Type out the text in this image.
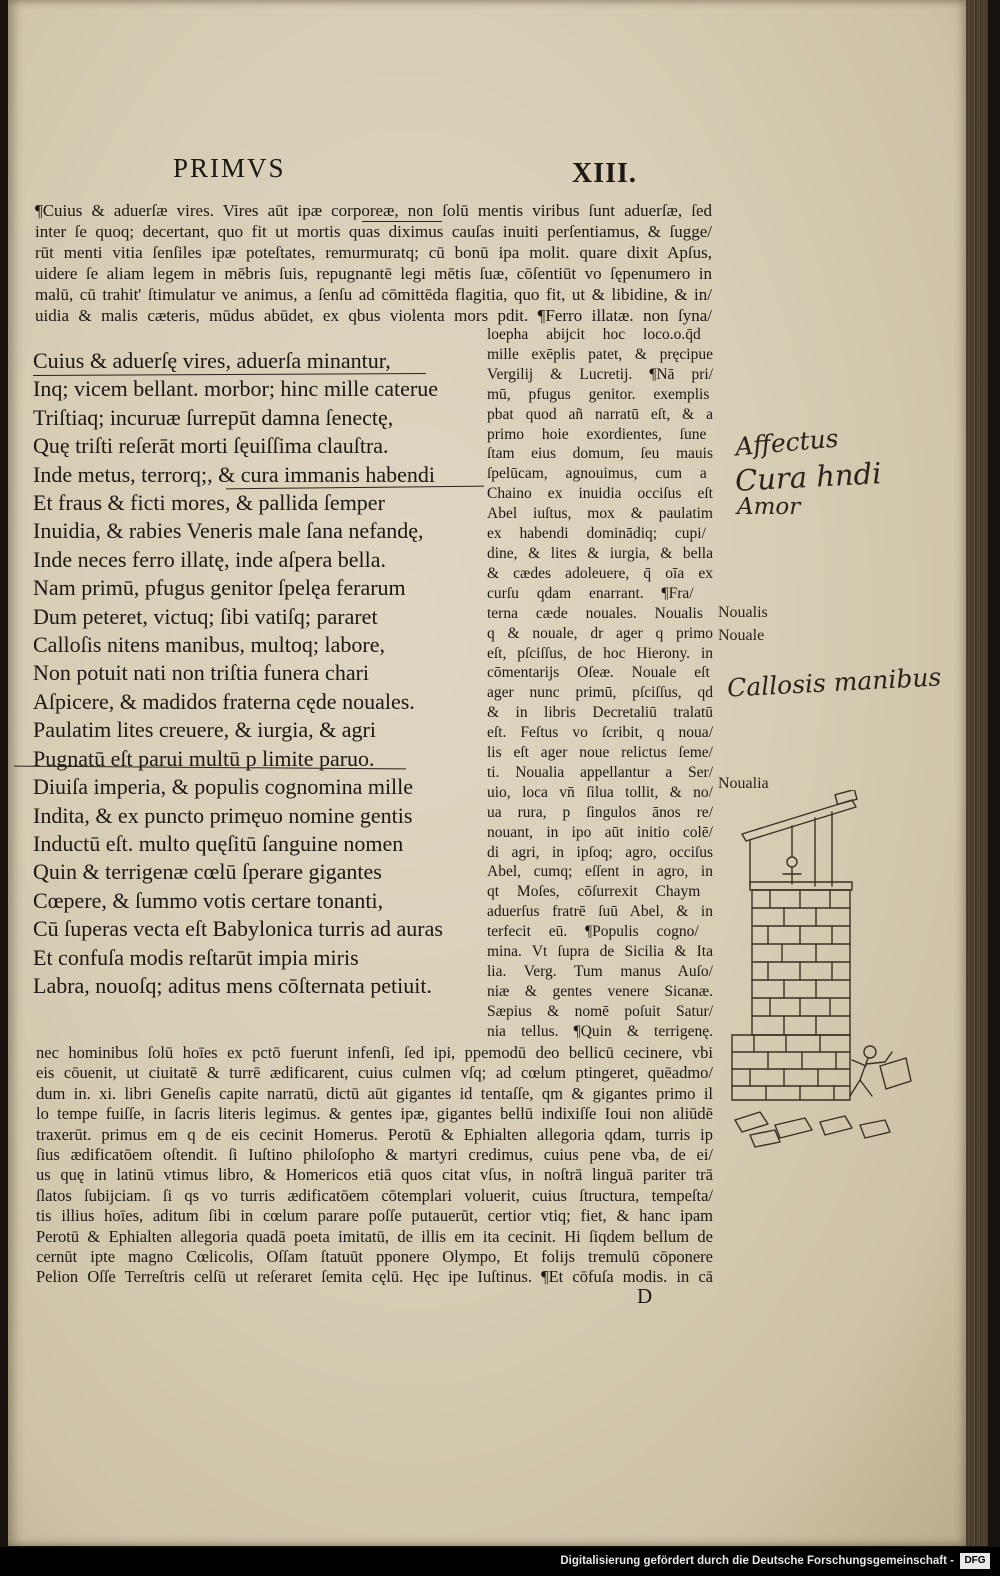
PRIMVS	XIII.
¶Cuius & aduerſæ vires. Vires aūt ipæ corporeæ, non ſolū mentis viribus ſunt aduerſæ, ſed
inter ſe quoq; decertant, quo fit ut mortis quas diximus cauſas inuiti perſentiamus, & ſugge/
rūt menti vitia ſenſiles ipæ poteſtates, remurmuratq; cū bonū ipa molit. quare dixit Apſus,
uidere ſe aliam legem in mēbris ſuis, repugnantē legi mētis ſuæ, cōſentiūt vo ſępenumero in
malū, cū trahit' ſtimulatur ve animus, a ſenſu ad cōmittēda flagitia, quo fit, ut & libidine, & in/
uidia & malis cæteris, mūdus abūdet, ex qbus violenta mors pdit. ¶Ferro illatæ. non ſyna/
loepha abijcit hoc loco.o.q̄d
mille exēplis patet, & pręcipue
Vergilij & Lucretij. ¶Nā pri/
mū, pfugus genitor. exemplis
pbat quod añ narratū eſt, & a
primo hoie exordientes, ſune
ſtam eius domum, ſeu mauis
ſpelūcam, agnouimus, cum a
Chaino ex inuidia occiſus eſt
Abel iuſtus, mox & paulatim
ex habendi dominādiq; cupi/
dine, & lites & iurgia, & bella
& cædes adoleuere, q̄ oīa ex
curſu qdam enarrant. ¶Fra/
terna cæde nouales. Noualis
q & nouale, dr ager q primo
eſt, pſciſſus, de hoc Hierony. in
cōmentarijs Oſeæ. Nouale eſt
ager nunc primū, pſciſſus, qd
& in libris Decretaliū tralatū
eſt. Feſtus vo ſcribit, q noua/
lis eſt ager noue relictus ſeme/
ti. Noualia appellantur a Ser/
uio, loca vn̄ ſilua tollit, & no/
ua rura, p ſingulos ānos re/
nouant, in ipo aūt initio colē/
di agri, in ipſoq; agro, occiſus
Abel, cumq; eſſent in agro, in
qt Moſes, cōſurrexit Chaym
aduerſus fratrē ſuū Abel, & in
terfecit eū. ¶Populis cogno/
mina. Vt ſupra de Sicilia & Ita
lia. Verg. Tum manus Auſo/
niæ & gentes venere Sicanæ.
Sæpius & nomē poſuit Satur/
nia tellus. ¶Quin & terrigenę.
Cuius & aduerſę vires, aduerſa minantur,
Inq; vicem bellant. morbor; hinc mille caterue
Triſtiaq; incuruæ ſurrepūt damna ſenectę,
Quę triſti reſerāt morti ſęuiſſima clauſtra.
Inde metus, terrorq;, & cura immanis habendi
Et fraus & ficti mores, & pallida ſemper
Inuidia, & rabies Veneris male ſana nefandę,
Inde neces ferro illatę, inde aſpera bella.
Nam primū, pfugus genitor ſpelęa ferarum
Dum peteret, victuq; ſibi vatiſq; pararet
Calloſis nitens manibus, multoq; labore,
Non potuit nati non triſtia funera chari
Aſpicere, & madidos fraterna cęde nouales.
Paulatim lites creuere, & iurgia, & agri
Pugnatū eſt parui multū p limite paruo.
Diuiſa imperia, & populis cognomina mille
Indita, & ex puncto primęuo nomine gentis
Inductū eſt. multo quęſitū ſanguine nomen
Quin & terrigenæ cœlū ſperare gigantes
Cœpere, & ſummo votis certare tonanti,
Cū ſuperas vecta eſt Babylonica turris ad auras
Et confuſa modis reſtarūt impia miris
Labra, nouoſq; aditus mens cōſternata petiuit.
nec hominibus ſolū hoīes ex pctō fuerunt infenſi, ſed ipi, ppemodū deo bellicū cecinere, vbi
eis cōuenit, ut ciuitatē & turrē ædificarent, cuius culmen vſq; ad cœlum ptingeret, quēadmo/
dum in. xi. libri Geneſis capite narratū, dictū aūt gigantes id tentaſſe, qm & gigantes primo il
lo tempe fuiſſe, in ſacris literis legimus. & gentes ipæ, gigantes bellū indixiſſe Ioui non aliūdē
traxerūt. primus em q de eis cecinit Homerus. Perotū & Ephialten allegoria qdam, turris ip
ſius ædificatōem oſtendit. ſi Iuſtino philoſopho & martyri credimus, cuius pene vba, de ei/
us quę in latinū vtimus libro, & Homericos etiā quos citat vſus, in noſtrā linguā pariter trā
ſlatos ſubijciam. ſi qs vo turris ædificatōem cōtemplari voluerit, cuius ſtructura, tempeſta/
tis illius hoīes, aditum ſibi in cœlum parare poſſe putauerūt, certior vtiq; fiet, & hanc ipam
Perotū & Ephialten allegoria quadā poeta imitatū, de illis em ita cecinit. Hi ſiqdem bellum de
cernūt ipte magno Cœlicolis, Oſſam ſtatuūt pponere Olympo, Et folijs tremulū cōponere
Pelion Oſſe Terreſtris celſū ut reſeraret ſemita cęlū. Hęc ipe Iuſtinus. ¶Et cōfuſa modis. in cā
D
Affectus
Cura hndi
Amor
Noualis
Nouale
Callosis manibus
Noualia
Digitalisierung gefördert durch die Deutsche Forschungsgemeinschaft -	DFG
